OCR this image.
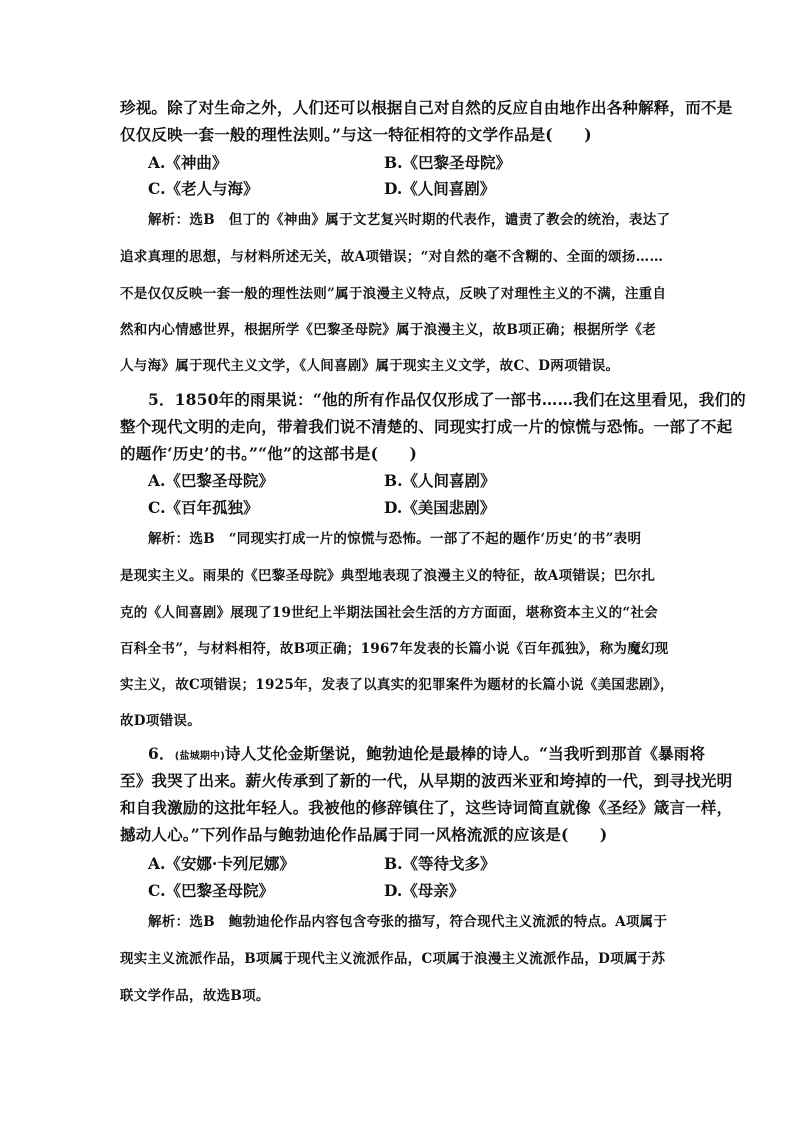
珍视。除了对生命之外，人们还可以根据自己对自然的反应自由地作出各种解释，而不是
仅仅反映一套一般的理性法则。”与这一特征相符的文学作品是(　　)
A.《神曲》	B.《巴黎圣母院》
C.《老人与海》	D.《人间喜剧》
解析：选B　但丁的《神曲》属于文艺复兴时期的代表作，谴责了教会的统治，表达了
追求真理的思想，与材料所述无关，故A项错误；“对自然的毫不含糊的、全面的颂扬……
不是仅仅反映一套一般的理性法则”属于浪漫主义特点，反映了对理性主义的不满，注重自
然和内心情感世界，根据所学《巴黎圣母院》属于浪漫主义，故B项正确；根据所学《老
人与海》属于现代主义文学，《人间喜剧》属于现实主义文学，故C、D两项错误。
5．1850年的雨果说：“他的所有作品仅仅形成了一部书……我们在这里看见，我们的
整个现代文明的走向，带着我们说不清楚的、同现实打成一片的惊慌与恐怖。一部了不起
的题作‘历史’的书。”“他”的这部书是(　　)
A.《巴黎圣母院》	B.《人间喜剧》
C.《百年孤独》	D.《美国悲剧》
解析：选B　“同现实打成一片的惊慌与恐怖。一部了不起的题作‘历史’的书”表明
是现实主义。雨果的《巴黎圣母院》典型地表现了浪漫主义的特征，故A项错误；巴尔扎
克的《人间喜剧》展现了19世纪上半期法国社会生活的方方面面，堪称资本主义的“社会
百科全书”，与材料相符，故B项正确；1967年发表的长篇小说《百年孤独》，称为魔幻现
实主义，故C项错误；1925年，发表了以真实的犯罪案件为题材的长篇小说《美国悲剧》，
故D项错误。
6．(盐城期中)诗人艾伦金斯堡说，鲍勃迪伦是最棒的诗人。“当我听到那首《暴雨将
至》我哭了出来。薪火传承到了新的一代，从早期的波西米亚和垮掉的一代，到寻找光明
和自我激励的这批年轻人。我被他的修辞镇住了，这些诗词简直就像《圣经》箴言一样，
撼动人心。”下列作品与鲍勃迪伦作品属于同一风格流派的应该是(　　)
A.《安娜·卡列尼娜》	B.《等待戈多》
C.《巴黎圣母院》	D.《母亲》
解析：选B　鲍勃迪伦作品内容包含夸张的描写，符合现代主义流派的特点。A项属于
现实主义流派作品，B项属于现代主义流派作品，C项属于浪漫主义流派作品，D项属于苏
联文学作品，故选B项。
